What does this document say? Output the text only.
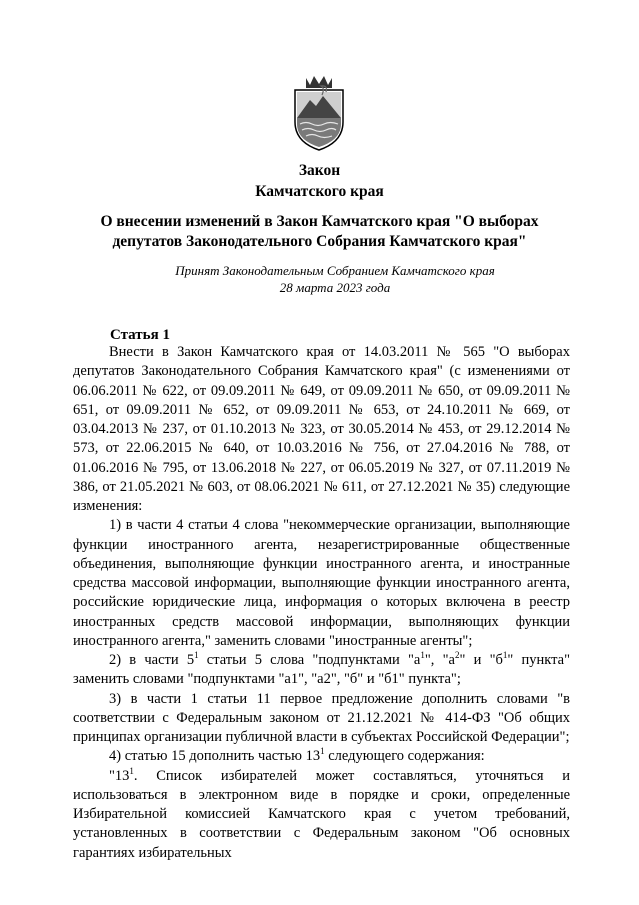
Закон
Камчатского края
О внесении изменений в Закон Камчатского края "О выборах
депутатов Законодательного Собрания Камчатского края"
Принят Законодательным Собранием Камчатского края
28 марта 2023 года
Статья 1

Внести в Закон Камчатского края от 14.03.2011 № 565 "О выборах депутатов Законодательного Собрания Камчатского края" (с изменениями от 06.06.2011 № 622, от 09.09.2011 № 649, от 09.09.2011 № 650, от 09.09.2011 № 651, от 09.09.2011 № 652, от 09.09.2011 № 653, от 24.10.2011 № 669, от 03.04.2013 № 237, от 01.10.2013 № 323, от 30.05.2014 № 453, от 29.12.2014 № 573, от 22.06.2015 № 640, от 10.03.2016 № 756, от 27.04.2016 № 788, от 01.06.2016 № 795, от 13.06.2018 № 227, от 06.05.2019 № 327, от 07.11.2019 № 386, от 21.05.2021 № 603, от 08.06.2021 № 611, от 27.12.2021 № 35) следующие изменения:

1) в части 4 статьи 4 слова "некоммерческие организации, выполняющие функции иностранного агента, незарегистрированные общественные объединения, выполняющие функции иностранного агента, и иностранные средства массовой информации, выполняющие функции иностранного агента, российские юридические лица, информация о которых включена в реестр иностранных средств массовой информации, выполняющих функции иностранного агента," заменить словами "иностранные агенты";

2) в части $5^1$ статьи 5 слова "подпунктами "$а^1$", "$а^2$" и "$б^1$" пункта" заменить словами "подпунктами "а1", "а2", "б" и "б1" пункта";

3) в части 1 статьи 11 первое предложение дополнить словами "в соответствии с Федеральным законом от 21.12.2021 № 414-ФЗ "Об общих принципах организации публичной власти в субъектах Российской Федерации";

4) статью 15 дополнить частью $13^1$ следующего содержания:

"$13^1$. Список избирателей может составляться, уточняться и использоваться в электронном виде в порядке и сроки, определенные Избирательной комиссией Камчатского края с учетом требований, установленных в соответствии с Федеральным законом "Об основных гарантиях избирательных
